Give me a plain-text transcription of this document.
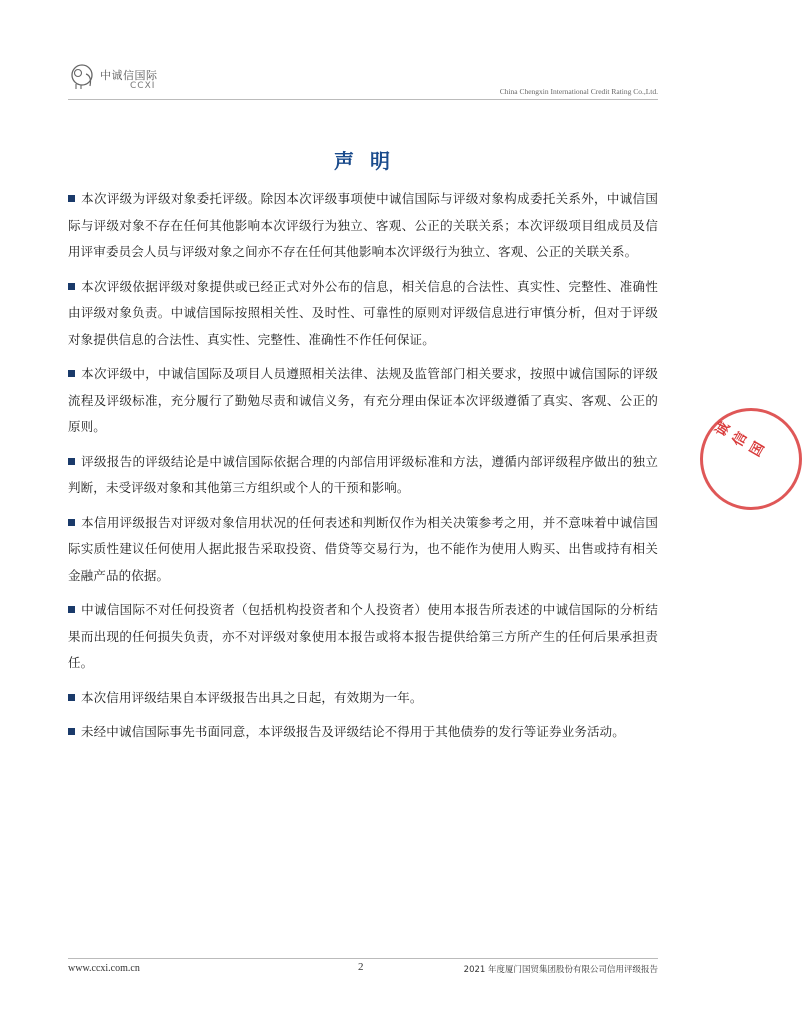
中诚信国际
CCXI
China Chengxin International Credit Rating Co.,Ltd.
声明

本次评级为评级对象委托评级。除因本次评级事项使中诚信国际与评级对象构成委托关系外，中诚信国际与评级对象不存在任何其他影响本次评级行为独立、客观、公正的关联关系；本次评级项目组成员及信用评审委员会人员与评级对象之间亦不存在任何其他影响本次评级行为独立、客观、公正的关联关系。

本次评级依据评级对象提供或已经正式对外公布的信息，相关信息的合法性、真实性、完整性、准确性由评级对象负责。中诚信国际按照相关性、及时性、可靠性的原则对评级信息进行审慎分析，但对于评级对象提供信息的合法性、真实性、完整性、准确性不作任何保证。

本次评级中，中诚信国际及项目人员遵照相关法律、法规及监管部门相关要求，按照中诚信国际的评级流程及评级标准，充分履行了勤勉尽责和诚信义务，有充分理由保证本次评级遵循了真实、客观、公正的原则。

评级报告的评级结论是中诚信国际依据合理的内部信用评级标准和方法，遵循内部评级程序做出的独立判断，未受评级对象和其他第三方组织或个人的干预和影响。

本信用评级报告对评级对象信用状况的任何表述和判断仅作为相关决策参考之用，并不意味着中诚信国际实质性建议任何使用人据此报告采取投资、借贷等交易行为，也不能作为使用人购买、出售或持有相关金融产品的依据。

中诚信国际不对任何投资者（包括机构投资者和个人投资者）使用本报告所表述的中诚信国际的分析结果而出现的任何损失负责，亦不对评级对象使用本报告或将本报告提供给第三方所产生的任何后果承担责任。

本次信用评级结果自本评级报告出具之日起，有效期为一年。

未经中诚信国际事先书面同意，本评级报告及评级结论不得用于其他债券的发行等证券业务活动。

诚信国
www.ccxi.com.cn	2	2021 年度厦门国贸集团股份有限公司信用评级报告
